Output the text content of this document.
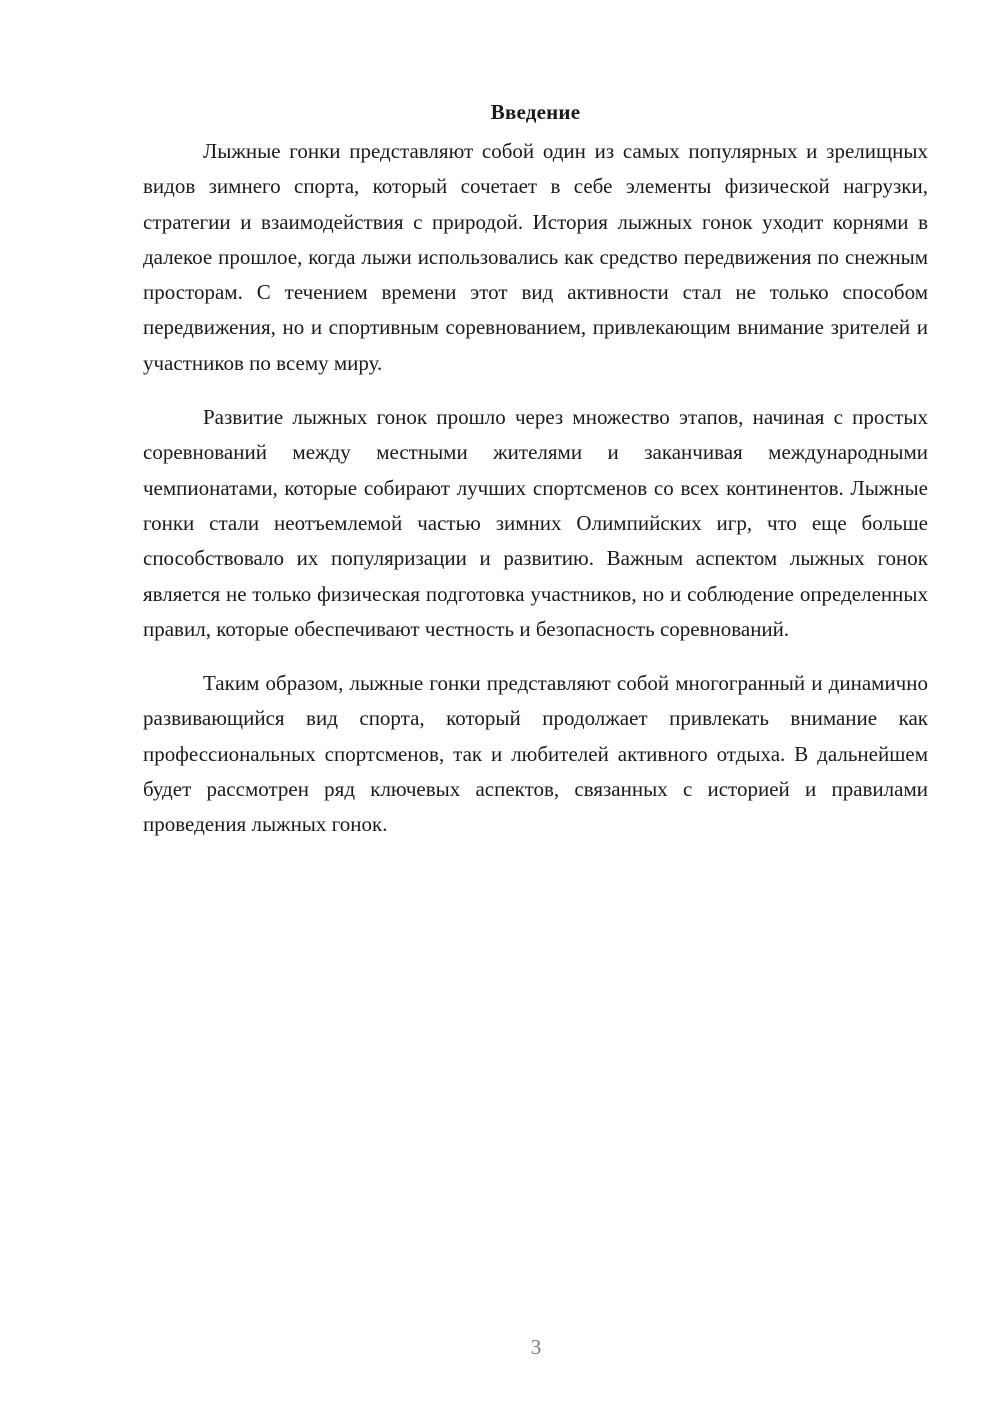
Введение

Лыжные гонки представляют собой один из самых популярных и зрелищных видов зимнего спорта, который сочетает в себе элементы физической нагрузки, стратегии и взаимодействия с природой. История лыжных гонок уходит корнями в далекое прошлое, когда лыжи использовались как средство передвижения по снежным просторам. С течением времени этот вид активности стал не только способом передвижения, но и спортивным соревнованием, привлекающим внимание зрителей и участников по всему миру.

Развитие лыжных гонок прошло через множество этапов, начиная с простых соревнований между местными жителями и заканчивая международными чемпионатами, которые собирают лучших спортсменов со всех континентов. Лыжные гонки стали неотъемлемой частью зимних Олимпийских игр, что еще больше способствовало их популяризации и развитию. Важным аспектом лыжных гонок является не только физическая подготовка участников, но и соблюдение определенных правил, которые обеспечивают честность и безопасность соревнований.

Таким образом, лыжные гонки представляют собой многогранный и динамично развивающийся вид спорта, который продолжает привлекать внимание как профессиональных спортсменов, так и любителей активного отдыха. В дальнейшем будет рассмотрен ряд ключевых аспектов, связанных с историей и правилами проведения лыжных гонок.

3
